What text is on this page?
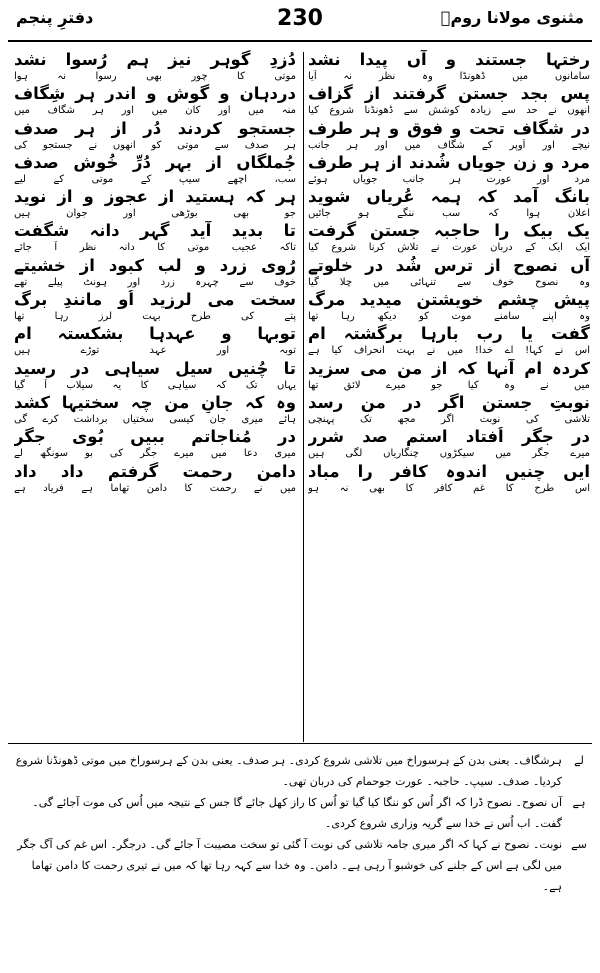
مثنوی مولانا رومؒ
230
دفترِ پنجم
رختہا جستند و آں پیدا نشد
سامانوں میں ڈھونڈا وہ نظر نہ آیا
پس بجد جستن گرفتند از گزاف
انھوں نے حد سے زیادہ کوشش سے ڈھونڈنا شروع کیا
در شگاف تحت و فوق و ہر طرف
نیچے اور اُوپر کے شگاف میں اور ہر جانب
مرد و زن جویاں شُدند از ہر طرف
مرد اور عورت ہر جانب جویاں ہوئے
بانگ آمد کہ ہمہ عُریاں شوید
اعلان ہوا کہ سب ننگے ہو جائیں
یک بیک را حاجبہ جستن گرفت
ایک ایک کے دربان عورت نے تلاش کرنا شروع کیا
آں نصوح از ترس شُد در خلوتے
وہ نصوح خوف سے تنہائی میں چلا گیا
پیشِ چشمِ خویشتن میدید مرگ
وہ اپنے سامنے موت کو دیکھ رہا تھا
گفت یا رب بارہا برگشتہ ام
اس نے کہا! اے خدا! میں نے بہت انحراف کیا ہے
کردہ ام آنہا کہ از من می سزید
میں نے وہ کیا جو میرے لائق تھا
نوبتِ جستن اگر در من رسد
تلاشی کی نوبت اگر مجھ تک پہنچی
در جگر اُفتاد استم صد شرر
میرے جگر میں سیکڑوں چنگاریاں لگی ہیں
ایں چنیں اندوہ کافر را مباد
اس طرح کا غم کافر کا بھی نہ ہو
دُزدِ گوہر نیز ہم رُسوا نشد
موتی کا چور بھی رسوا نہ ہوا
دردہان و گوش و اندر ہر شِگاف
منہ میں اور کان میں اور ہر شگاف میں
جستجو کردند دُر از ہر صدف
ہر صدف سے موتی کو انھوں نے جستجو کی
جُملگاں از بہرِ دُرِّ خُوش صدف
سب، اچھے سیپ کے موتی کے لیے
ہر کہ ہستید از عجوز و از نوید
جو بھی بوڑھی اور جوان ہیں
تا بدید آید گہر دانہ شگفت
تاکہ عجیب موتی کا دانہ نظر آ جائے
رُوی زرد و لب کبود از خشیتے
خوف سے چہرہ زرد اور ہونٹ پیلے تھے
سخت می لرزید اُو مانندِ برگ
پتے کی طرح بہت لرز رہا تھا
توبہا و عہدہا بشکستہ ام
توبہ اور عہد توڑے ہیں
تا چُنیں سیل سیاہی در رسید
یہاں تک کہ سیاہی کا یہ سیلاب آ گیا
وہ کہ جانِ من چہ سختیہا کشد
ہائے میری جان کیسی سختیاں برداشت کرے گی
در مُناجاتم ببیں بُوی جگر
میری دعا میں میرے جگر کی بو سونگھ لے
دامنِ رحمت گرفتم داد داد
میں نے رحمت کا دامن تھاما ہے فریاد ہے
لے
ہرشگاف۔ یعنی بدن کے ہرسوراخ میں تلاشی شروع کردی۔ ہر صدف۔ یعنی بدن کے ہرسوراخ میں موتی ڈھونڈنا شروع کردیا۔ صدف۔ سیپ۔ حاجبہ۔ عورت جوحمام کی دربان تھی۔
ہے
آں نصوح۔ نصوح ڈرا کہ اگر اُس کو ننگا کیا گیا تو اُس کا راز کھل جائے گا جس کے نتیجہ میں اُس کی موت آجائے گی۔ گفت۔ اب اُس نے خدا سے گریہ وزاری شروع کردی۔
سے
نوبت۔ نصوح نے کہا کہ اگر میری جامہ تلاشی کی نوبت آ گئی تو سخت مصیبت آ جائے گی۔ درجگر۔ اس غم کی آگ جگر میں لگی ہے اس کے جلنے کی خوشبو آ رہی ہے۔ دامن۔ وہ خدا سے کہہ رہا تھا کہ میں نے تیری رحمت کا دامن تھاما ہے۔
